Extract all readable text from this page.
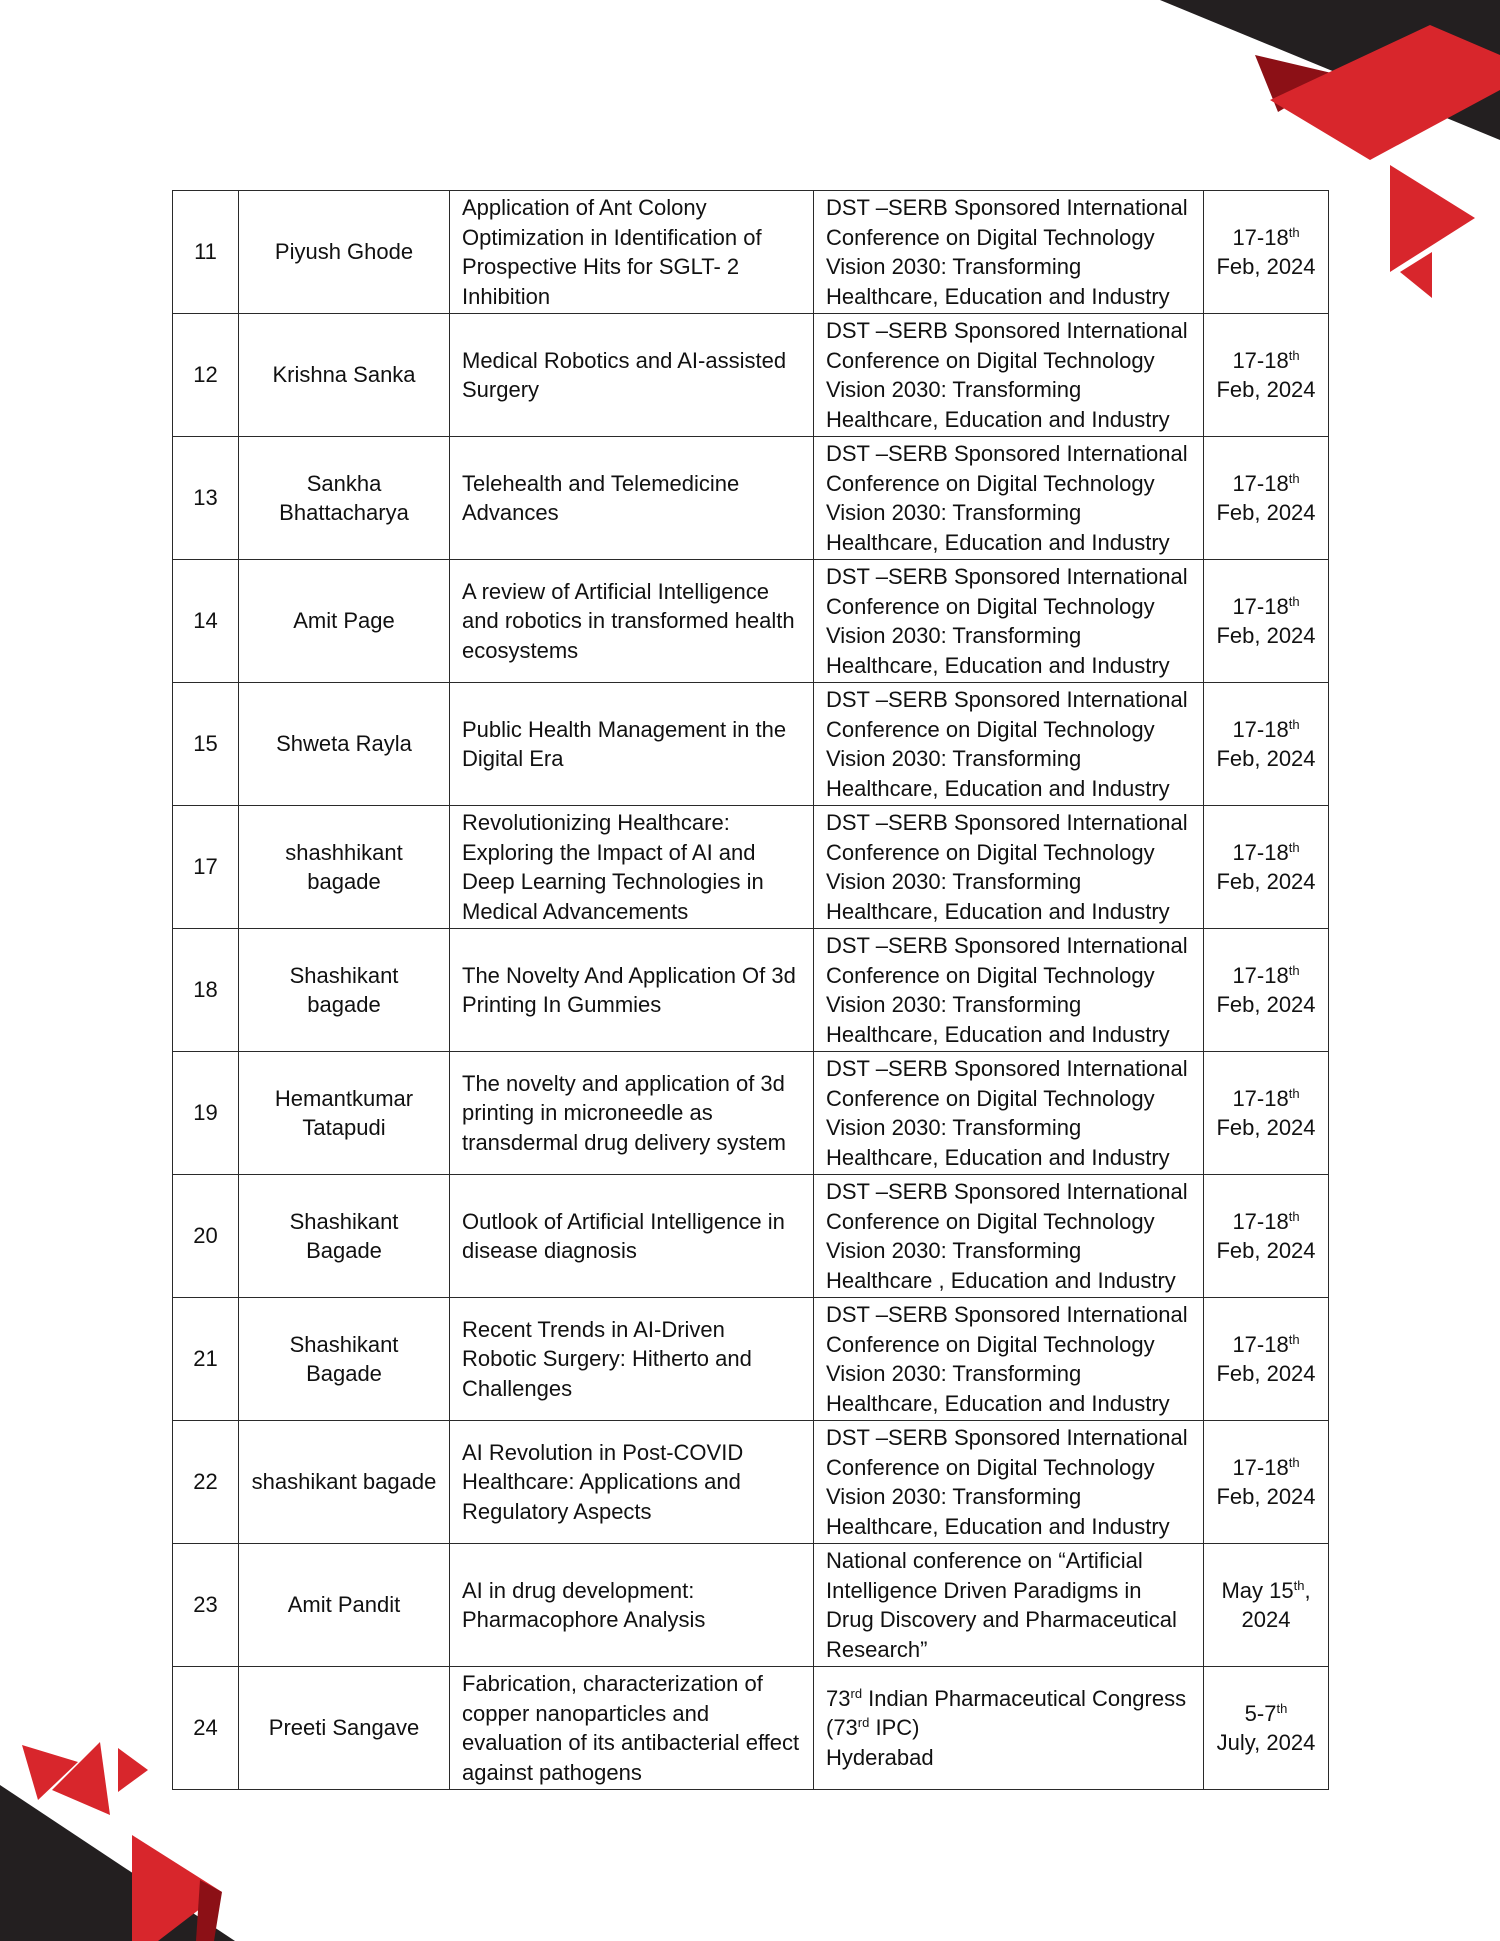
11	Piyush Ghode	Application of Ant Colony Optimization in Identification of Prospective Hits for SGLT- 2 Inhibition	DST –SERB Sponsored International Conference on Digital Technology Vision 2030: Transforming Healthcare, Education and Industry	17-18th
Feb, 2024
12	Krishna Sanka	Medical Robotics and AI-assisted Surgery	DST –SERB Sponsored International Conference on Digital Technology Vision 2030: Transforming Healthcare, Education and Industry	17-18th
Feb, 2024
13	Sankha Bhattacharya	Telehealth and Telemedicine Advances	DST –SERB Sponsored International Conference on Digital Technology Vision 2030: Transforming Healthcare, Education and Industry	17-18th
Feb, 2024
14	Amit Page	A review of Artificial Intelligence and robotics in transformed health ecosystems	DST –SERB Sponsored International Conference on Digital Technology Vision 2030: Transforming Healthcare, Education and Industry	17-18th
Feb, 2024
15	Shweta Rayla	Public Health Management in the Digital Era	DST –SERB Sponsored International Conference on Digital Technology Vision 2030: Transforming Healthcare, Education and Industry	17-18th
Feb, 2024
17	shashhikant bagade	Revolutionizing Healthcare: Exploring the Impact of AI and Deep Learning Technologies in Medical Advancements	DST –SERB Sponsored International Conference on Digital Technology Vision 2030: Transforming Healthcare, Education and Industry	17-18th
Feb, 2024
18	Shashikant bagade	The Novelty And Application Of 3d Printing In Gummies	DST –SERB Sponsored International Conference on Digital Technology Vision 2030: Transforming Healthcare, Education and Industry	17-18th
Feb, 2024
19	Hemantkumar Tatapudi	The novelty and application of 3d printing in microneedle as transdermal drug delivery system	DST –SERB Sponsored International Conference on Digital Technology Vision 2030: Transforming Healthcare, Education and Industry	17-18th
Feb, 2024
20	Shashikant Bagade	Outlook of Artificial Intelligence in disease diagnosis	DST –SERB Sponsored International Conference on Digital Technology Vision 2030: Transforming Healthcare , Education and Industry	17-18th
Feb, 2024
21	Shashikant Bagade	Recent Trends in AI-Driven Robotic Surgery: Hitherto and Challenges	DST –SERB Sponsored International Conference on Digital Technology Vision 2030: Transforming Healthcare, Education and Industry	17-18th
Feb, 2024
22	shashikant bagade	AI Revolution in Post-COVID Healthcare: Applications and Regulatory Aspects	DST –SERB Sponsored International Conference on Digital Technology Vision 2030: Transforming Healthcare, Education and Industry	17-18th
Feb, 2024
23	Amit Pandit	AI in drug development: Pharmacophore Analysis	National conference on “Artificial Intelligence Driven Paradigms in Drug Discovery and Pharmaceutical Research”	May 15th, 2024
24	Preeti Sangave	Fabrication, characterization of copper nanoparticles and evaluation of its antibacterial effect against pathogens	73rd Indian Pharmaceutical Congress
(73rd IPC)
Hyderabad	5-7th
July, 2024
